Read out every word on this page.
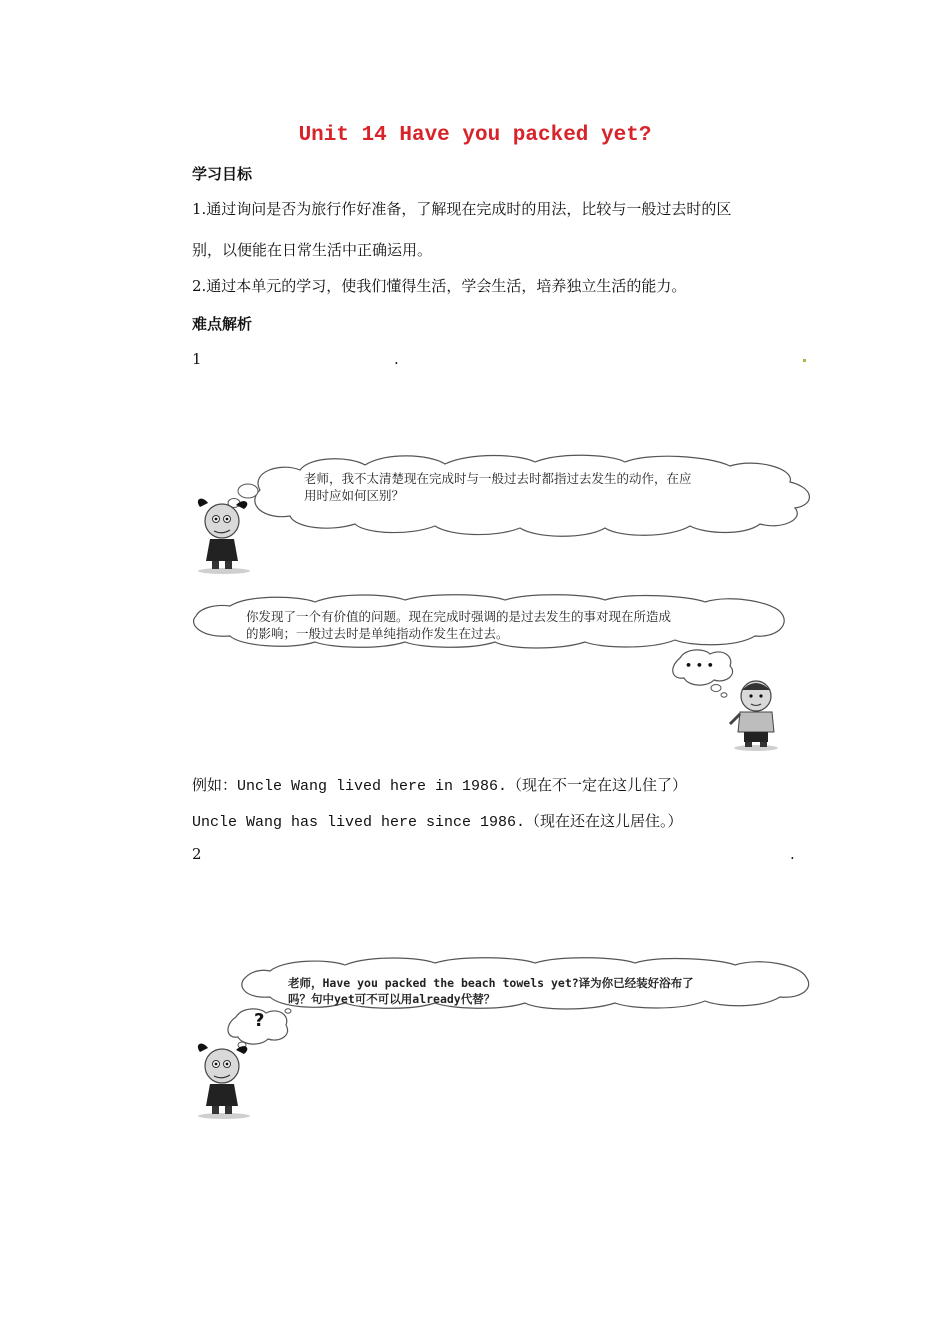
Unit 14 Have you packed yet?
学习目标
1.通过询问是否为旅行作好准备，了解现在完成时的用法，比较与一般过去时的区
别，以便能在日常生活中正确运用。
2.通过本单元的学习，使我们懂得生活，学会生活，培养独立生活的能力。
难点解析
1	.
老师，我不太清楚现在完成时与一般过去时都指过去发生的动作，在应
用时应如何区别？
你发现了一个有价值的问题。现在完成时强调的是过去发生的事对现在所造成
的影响；一般过去时是单纯指动作发生在过去。
• • •
例如：Uncle Wang lived here in 1986.（现在不一定在这儿住了）
Uncle Wang has lived here since 1986.（现在还在这儿居住。）
2	.
老师，Have you packed the beach towels yet?译为你已经装好浴布了
吗？句中yet可不可以用already代替？
?
